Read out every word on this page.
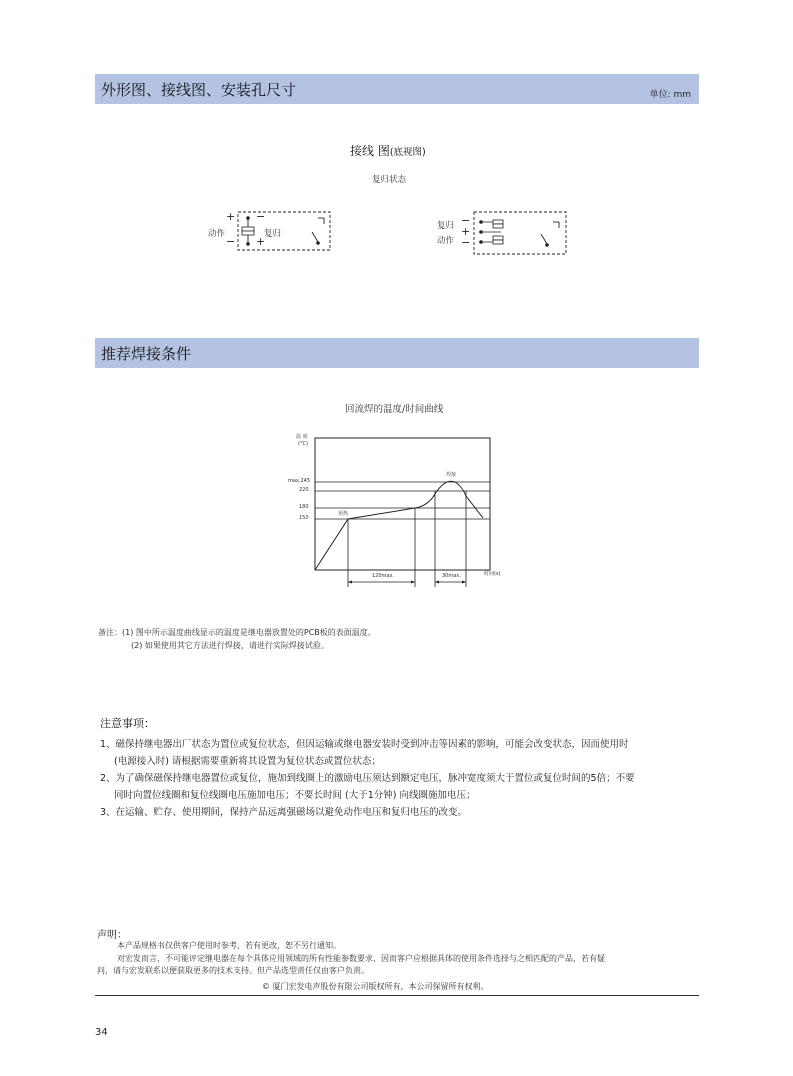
外形图、接线图、安装孔尺寸	单位: mm
接线 图(底视图)
复归状态
+ −
− +
动作	复归
复归
动作
−
+
−
推荐焊接条件
回流焊的温度/时间曲线
温 度
(°C)
max.245
220
180
150
预热
焊接
120max.	30max.	时间(s)
备注：(1) 图中所示温度曲线显示的温度是继电器放置处的PCB板的表面温度。
(2) 如果使用其它方法进行焊接，请进行实际焊接试验。
注意事项：
1、磁保持继电器出厂状态为置位或复位状态，但因运输或继电器安装时受到冲击等因素的影响，可能会改变状态，因而使用时
(电源接入时) 请根据需要重新将其设置为复位状态或置位状态；
2、为了确保磁保持继电器置位或复位，施加到线圈上的激励电压须达到额定电压，脉冲宽度须大于置位或复位时间的5倍；不要
同时向置位线圈和复位线圈电压施加电压；不要长时间 (大于1分钟) 向线圈施加电压；
3、在运输、贮存、使用期间，保持产品远离强磁场以避免动作电压和复归电压的改变。
声明：
本产品规格书仅供客户使用时参考，若有更改，恕不另行通知。
对宏发而言，不可能评定继电器在每个具体应用领域的所有性能参数要求，因而客户应根据具体的使用条件选择与之相匹配的产品，若有疑
问，请与宏发联系以便获取更多的技术支持。但产品选型责任仅由客户负责。
© 厦门宏发电声股份有限公司版权所有，本公司保留所有权利。
34
